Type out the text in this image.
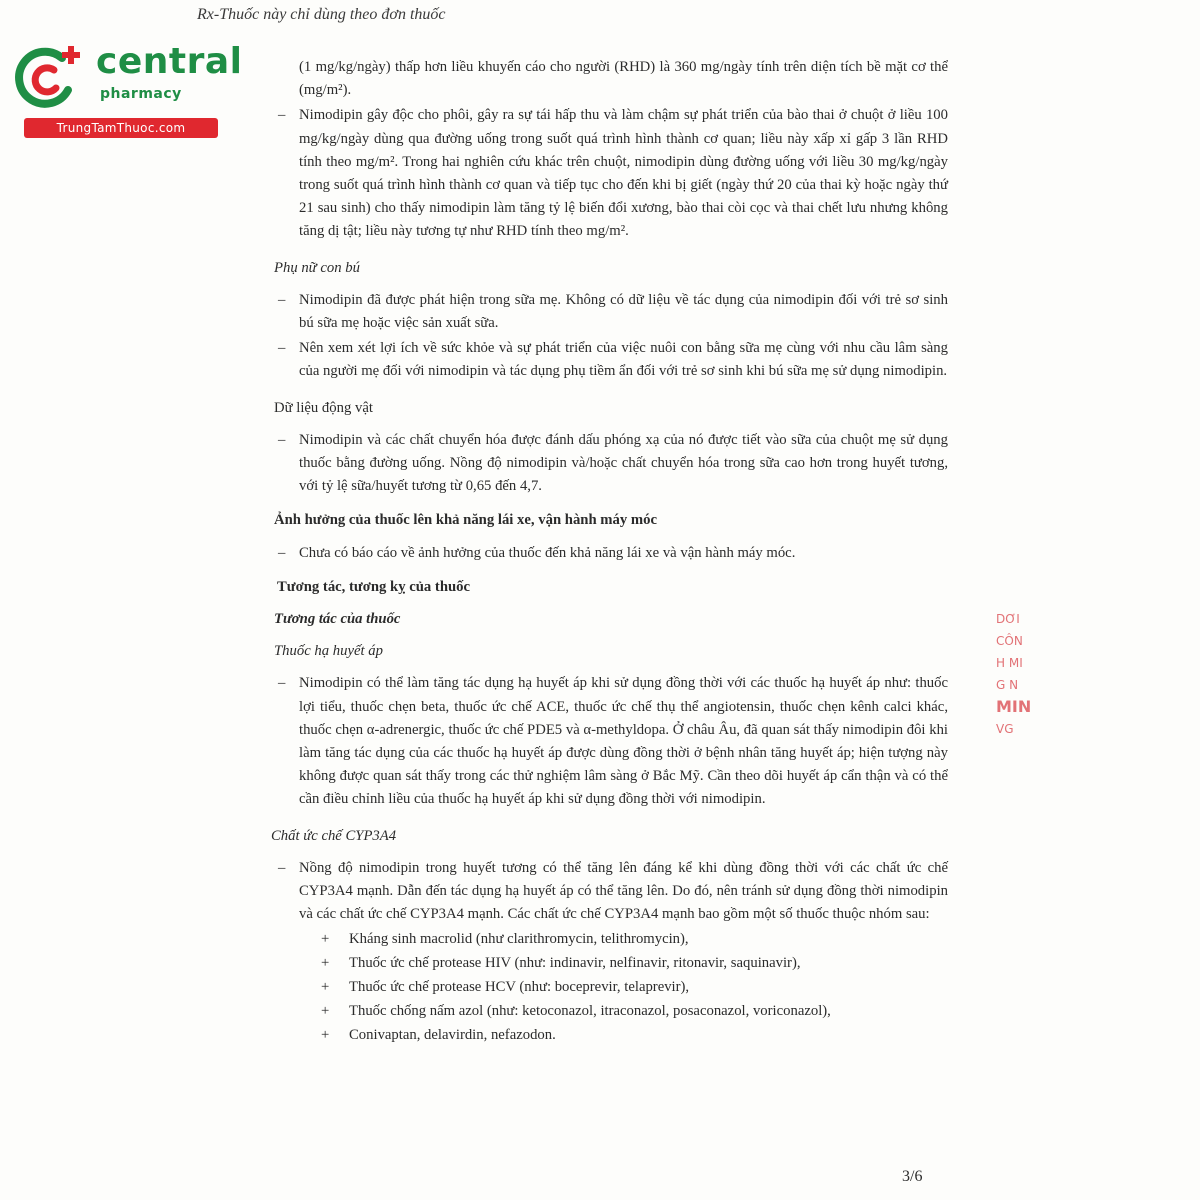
Rx-Thuốc này chỉ dùng theo đơn thuốc
central
pharmacy
TrungTamThuoc.com
(1 mg/kg/ngày) thấp hơn liều khuyến cáo cho người (RHD) là 360 mg/ngày tính trên diện tích bề mặt cơ thể (mg/m²).
– Nimodipin gây độc cho phôi, gây ra sự tái hấp thu và làm chậm sự phát triển của bào thai ở chuột ở liều 100 mg/kg/ngày dùng qua đường uống trong suốt quá trình hình thành cơ quan; liều này xấp xỉ gấp 3 lần RHD tính theo mg/m². Trong hai nghiên cứu khác trên chuột, nimodipin dùng đường uống với liều 30 mg/kg/ngày trong suốt quá trình hình thành cơ quan và tiếp tục cho đến khi bị giết (ngày thứ 20 của thai kỳ hoặc ngày thứ 21 sau sinh) cho thấy nimodipin làm tăng tỷ lệ biến đổi xương, bào thai còi cọc và thai chết lưu nhưng không tăng dị tật; liều này tương tự như RHD tính theo mg/m².
Phụ nữ con bú
– Nimodipin đã được phát hiện trong sữa mẹ. Không có dữ liệu về tác dụng của nimodipin đối với trẻ sơ sinh bú sữa mẹ hoặc việc sản xuất sữa.
– Nên xem xét lợi ích về sức khỏe và sự phát triển của việc nuôi con bằng sữa mẹ cùng với nhu cầu lâm sàng của người mẹ đối với nimodipin và tác dụng phụ tiềm ẩn đối với trẻ sơ sinh khi bú sữa mẹ sử dụng nimodipin.
Dữ liệu động vật
– Nimodipin và các chất chuyển hóa được đánh dấu phóng xạ của nó được tiết vào sữa của chuột mẹ sử dụng thuốc bằng đường uống. Nồng độ nimodipin và/hoặc chất chuyển hóa trong sữa cao hơn trong huyết tương, với tỷ lệ sữa/huyết tương từ 0,65 đến 4,7.
Ảnh hưởng của thuốc lên khả năng lái xe, vận hành máy móc
– Chưa có báo cáo về ảnh hưởng của thuốc đến khả năng lái xe và vận hành máy móc.
Tương tác, tương kỵ của thuốc
Tương tác của thuốc
Thuốc hạ huyết áp
– Nimodipin có thể làm tăng tác dụng hạ huyết áp khi sử dụng đồng thời với các thuốc hạ huyết áp như: thuốc lợi tiểu, thuốc chẹn beta, thuốc ức chế ACE, thuốc ức chế thụ thể angiotensin, thuốc chẹn kênh calci khác, thuốc chẹn α-adrenergic, thuốc ức chế PDE5 và α-methyldopa. Ở châu Âu, đã quan sát thấy nimodipin đôi khi làm tăng tác dụng của các thuốc hạ huyết áp được dùng đồng thời ở bệnh nhân tăng huyết áp; hiện tượng này không được quan sát thấy trong các thử nghiệm lâm sàng ở Bắc Mỹ. Cần theo dõi huyết áp cẩn thận và có thể cần điều chỉnh liều của thuốc hạ huyết áp khi sử dụng đồng thời với nimodipin.
Chất ức chế CYP3A4
– Nồng độ nimodipin trong huyết tương có thể tăng lên đáng kể khi dùng đồng thời với các chất ức chế CYP3A4 mạnh. Dẫn đến tác dụng hạ huyết áp có thể tăng lên. Do đó, nên tránh sử dụng đồng thời nimodipin và các chất ức chế CYP3A4 mạnh. Các chất ức chế CYP3A4 mạnh bao gồm một số thuốc thuộc nhóm sau:
+ Kháng sinh macrolid (như clarithromycin, telithromycin),
+ Thuốc ức chế protease HIV (như: indinavir, nelfinavir, ritonavir, saquinavir),
+ Thuốc ức chế protease HCV (như: boceprevir, telaprevir),
+ Thuốc chống nấm azol (như: ketoconazol, itraconazol, posaconazol, voriconazol),
+ Conivaptan, delavirdin, nefazodon.
DƠI
CÔN
H MI
G N
MIN
VG
3/6
